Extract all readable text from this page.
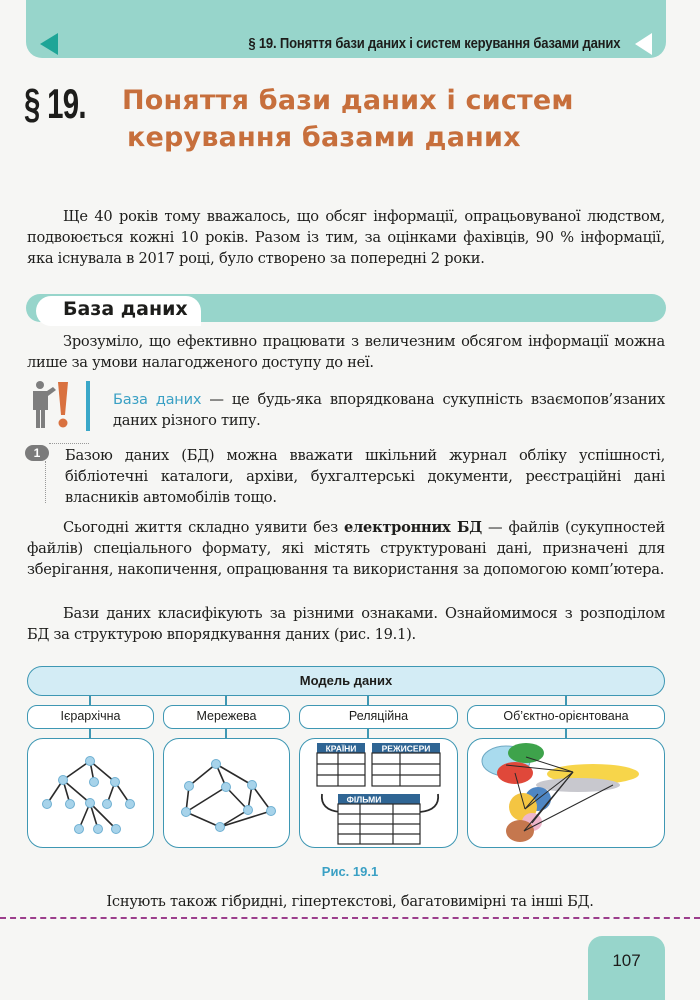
§ 19. Поняття бази даних і систем керування базами даних
§ 19. Поняття бази даних і систем
керування базами даних

Ще 40 років тому вважалось, що обсяг інформації, опрацьовуваної людством, подвоюється кожні 10 років. Разом із тим, за оцінками фахівців, 90 % інформації, яка існувала в 2017 році, було створено за попередні 2 роки.

База даних

Зрозуміло, що ефективно працювати з величезним обсягом інформації можна лише за умови налагодженого доступу до неї.

База даних — це будь-яка впорядкована сукупність взаємопов’язаних даних різного типу.

1	Базою даних (БД) можна вважати шкільний журнал обліку успішності, бібліотечні каталоги, архіви, бухгалтерські документи, реєстраційні дані власників автомобілів тощо.

Сьогодні життя складно уявити без електронних БД — файлів (сукупностей файлів) спеціального формату, які містять структуровані дані, призначені для зберігання, накопичення, опрацювання та використання за допомогою комп’ютера.

Бази даних класифікують за різними ознаками. Ознайомимося з розподілом БД за структурою впорядкування даних (рис. 19.1).

Модель даних
Ієрархічна	Мережева	Реляційна	Об’єктно-орієнтована
КРАЇНИ	РЕЖИСЕРИ
ФІЛЬМИ
Рис. 19.1
Існують також гібридні, гіпертекстові, багатовимірні та інші БД.
107
